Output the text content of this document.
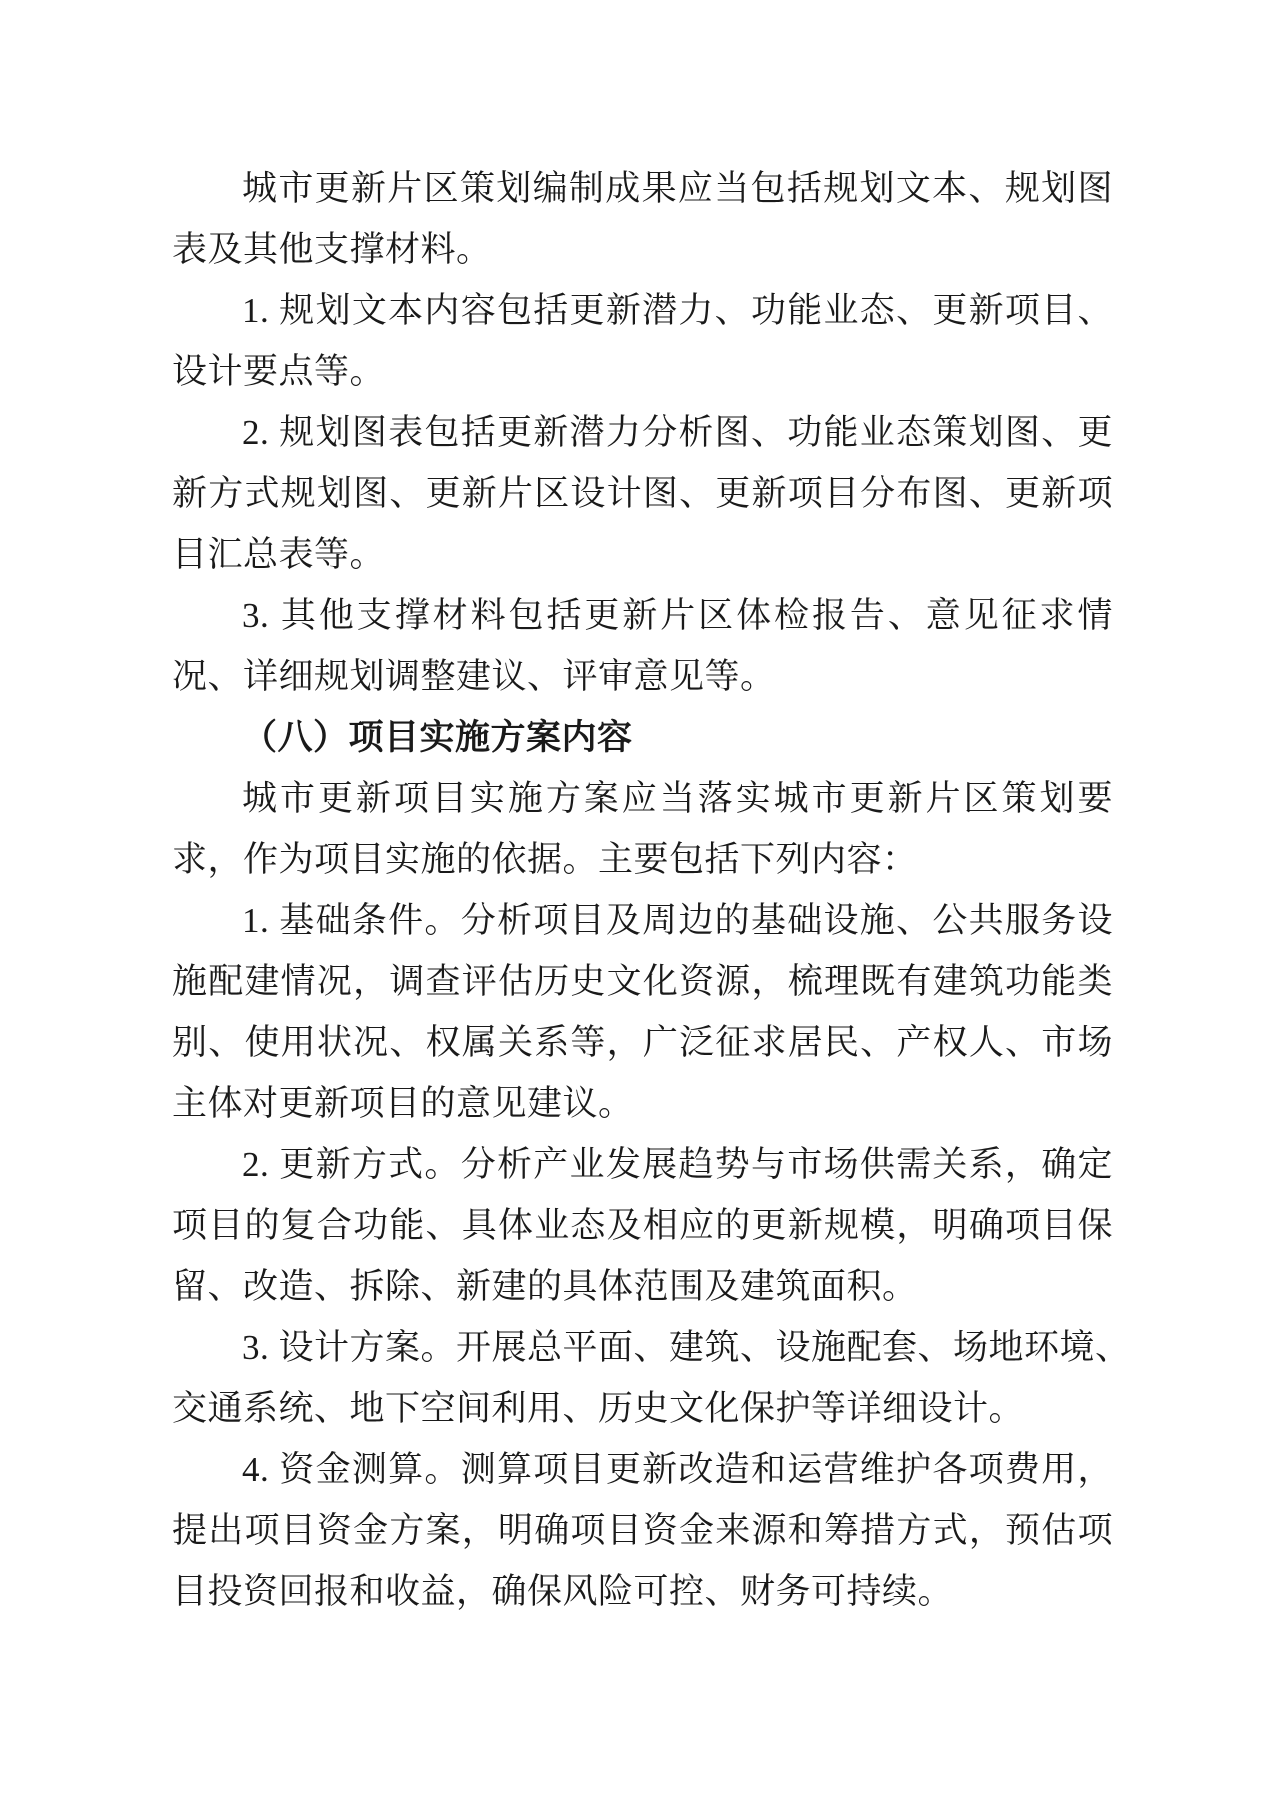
城市更新片区策划编制成果应当包括规划文本、规划图
表及其他支撑材料。
1. 规划文本内容包括更新潜力、功能业态、更新项目、
设计要点等。
2. 规划图表包括更新潜力分析图、功能业态策划图、更
新方式规划图、更新片区设计图、更新项目分布图、更新项
目汇总表等。
3. 其他支撑材料包括更新片区体检报告、意见征求情
况、详细规划调整建议、评审意见等。
（八）项目实施方案内容
城市更新项目实施方案应当落实城市更新片区策划要
求，作为项目实施的依据。主要包括下列内容：
1. 基础条件。分析项目及周边的基础设施、公共服务设
施配建情况，调查评估历史文化资源，梳理既有建筑功能类
别、使用状况、权属关系等，广泛征求居民、产权人、市场
主体对更新项目的意见建议。
2. 更新方式。分析产业发展趋势与市场供需关系，确定
项目的复合功能、具体业态及相应的更新规模，明确项目保
留、改造、拆除、新建的具体范围及建筑面积。
3. 设计方案。开展总平面、建筑、设施配套、场地环境、
交通系统、地下空间利用、历史文化保护等详细设计。
4. 资金测算。测算项目更新改造和运营维护各项费用，
提出项目资金方案，明确项目资金来源和筹措方式，预估项
目投资回报和收益，确保风险可控、财务可持续。
